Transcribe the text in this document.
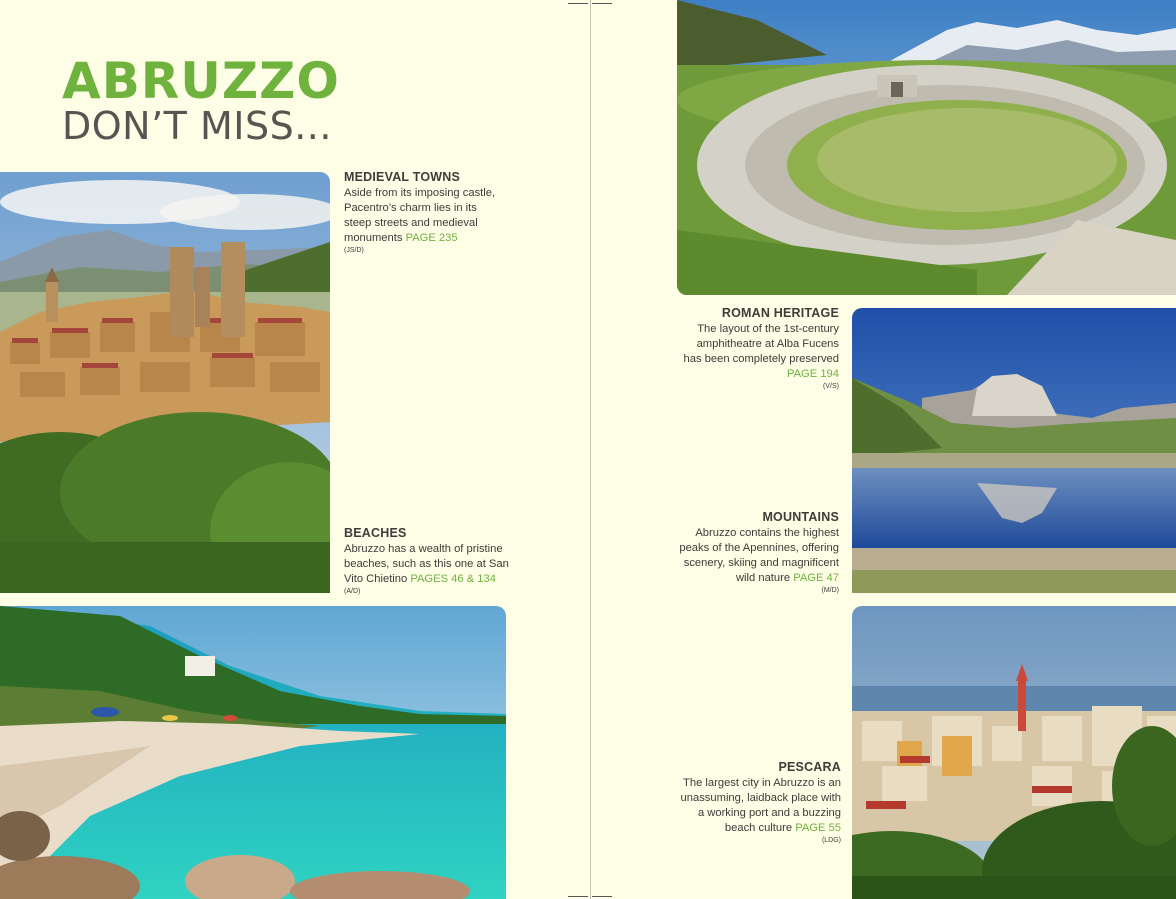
ABRUZZO
DON’T MISS...
MEDIEVAL TOWNS
Aside from its imposing castle, Pacentro’s charm lies in its steep streets and medieval monuments PAGE 235
(JS/D)
BEACHES
Abruzzo has a wealth of pristine beaches, such as this one at San Vito Chietino PAGES 46 & 134
(A/D)
ROMAN HERITAGE
The layout of the 1st-century amphitheatre at Alba Fucens has been completely preserved PAGE 194
(V/S)
MOUNTAINS
Abruzzo contains the highest peaks of the Apennines, offering scenery, skiing and magnificent wild nature PAGE 47
(M/D)
PESCARA
The largest city in Abruzzo is an unassuming, laidback place with a working port and a buzzing beach culture PAGE 55
(LDG)
